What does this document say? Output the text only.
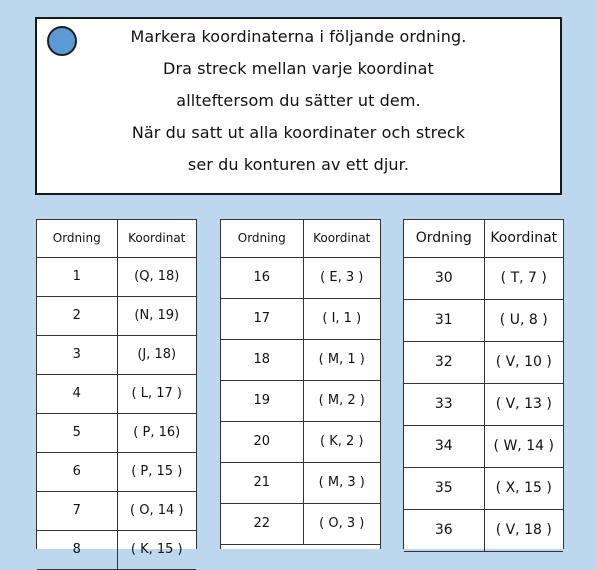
Markera koordinaterna i följande ordning.
Dra streck mellan varje koordinat
allteftersom du sätter ut dem.
När du satt ut alla koordinater och streck
ser du konturen av ett djur.
Ordning	Koordinat
1	(Q, 18)
2	(N, 19)
3	(J, 18)
4	( L, 17 )
5	( P, 16)
6	( P, 15 )
7	( O, 14 )
8	( K, 15 )
Ordning	Koordinat
16	( E, 3 )
17	( I, 1 )
18	( M, 1 )
19	( M, 2 )
20	( K, 2 )
21	( M, 3 )
22	( O, 3 )
Ordning	Koordinat
30	( T, 7 )
31	( U, 8 )
32	( V, 10 )
33	( V, 13 )
34	( W, 14 )
35	( X, 15 )
36	( V, 18 )
